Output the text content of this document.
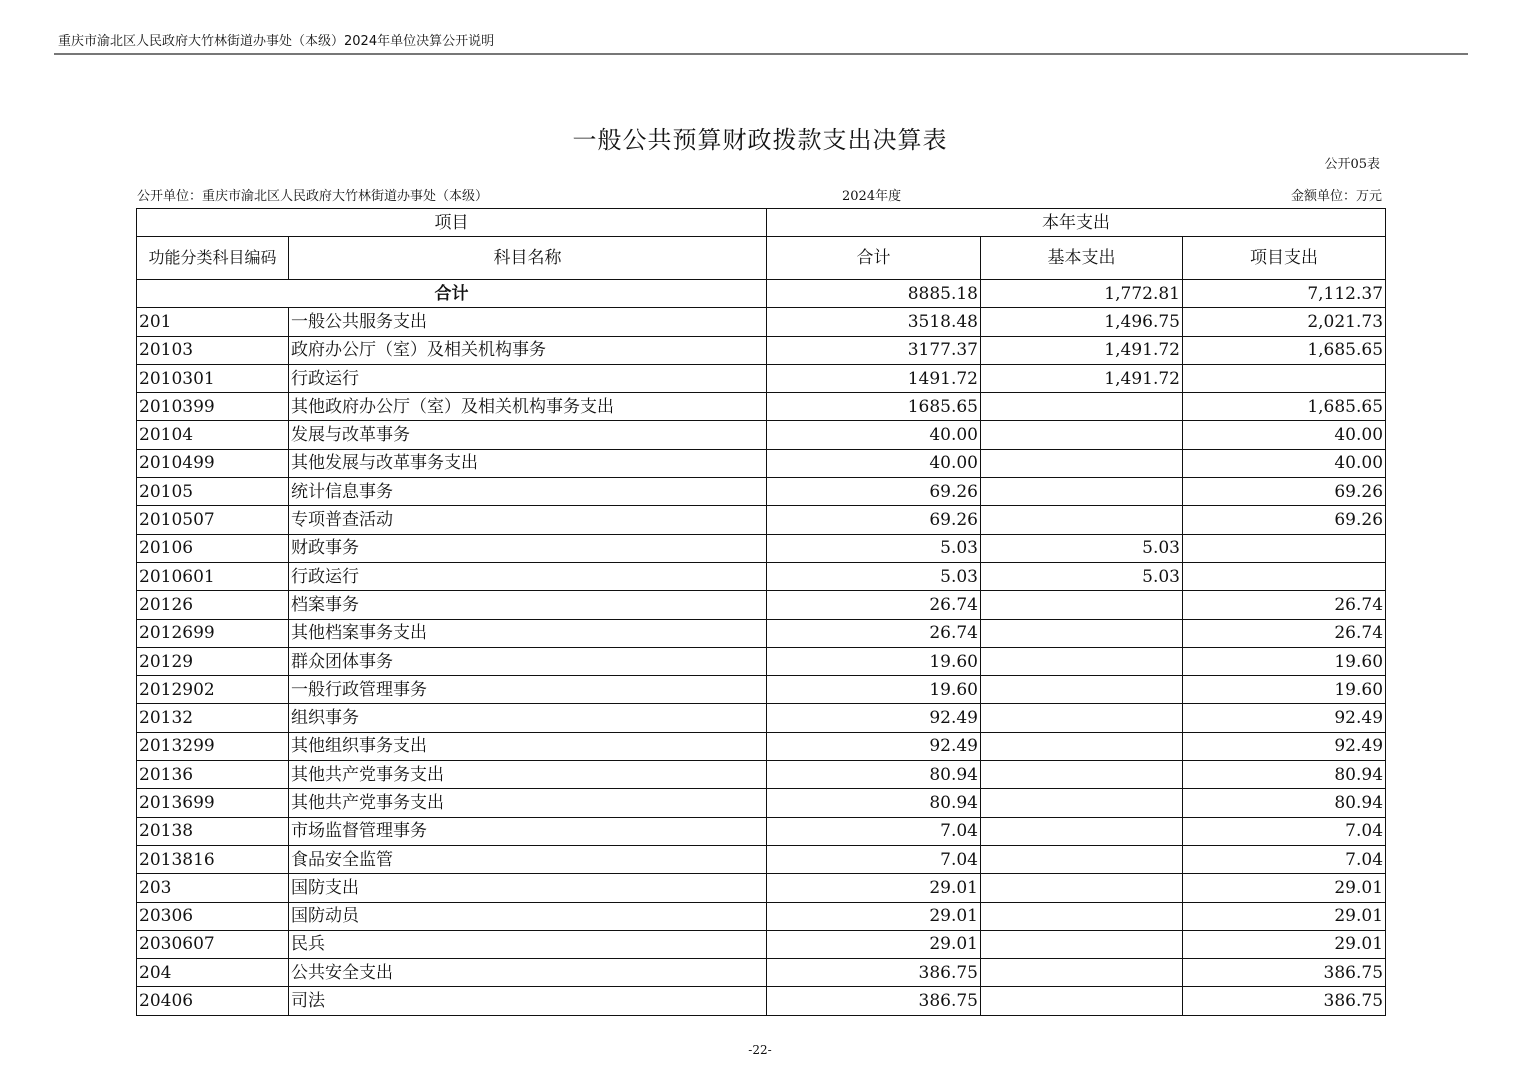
重庆市渝北区人民政府大竹林街道办事处（本级）2024年单位决算公开说明
一般公共预算财政拨款支出决算表
公开05表
公开单位：重庆市渝北区人民政府大竹林街道办事处（本级）	2024年度	金额单位：万元
项目		本年支出		
功能分类科目编码	科目名称	合计	基本支出	项目支出
合计		8885.18	1,772.81	7,112.37
201	一般公共服务支出	3518.48	1,496.75	2,021.73
20103	政府办公厅（室）及相关机构事务	3177.37	1,491.72	1,685.65
2010301	行政运行	1491.72	1,491.72	
2010399	其他政府办公厅（室）及相关机构事务支出	1685.65		1,685.65
20104	发展与改革事务	40.00		40.00
2010499	其他发展与改革事务支出	40.00		40.00
20105	统计信息事务	69.26		69.26
2010507	专项普查活动	69.26		69.26
20106	财政事务	5.03	5.03	
2010601	行政运行	5.03	5.03	
20126	档案事务	26.74		26.74
2012699	其他档案事务支出	26.74		26.74
20129	群众团体事务	19.60		19.60
2012902	一般行政管理事务	19.60		19.60
20132	组织事务	92.49		92.49
2013299	其他组织事务支出	92.49		92.49
20136	其他共产党事务支出	80.94		80.94
2013699	其他共产党事务支出	80.94		80.94
20138	市场监督管理事务	7.04		7.04
2013816	食品安全监管	7.04		7.04
203	国防支出	29.01		29.01
20306	国防动员	29.01		29.01
2030607	民兵	29.01		29.01
204	公共安全支出	386.75		386.75
20406	司法	386.75		386.75
-22-
